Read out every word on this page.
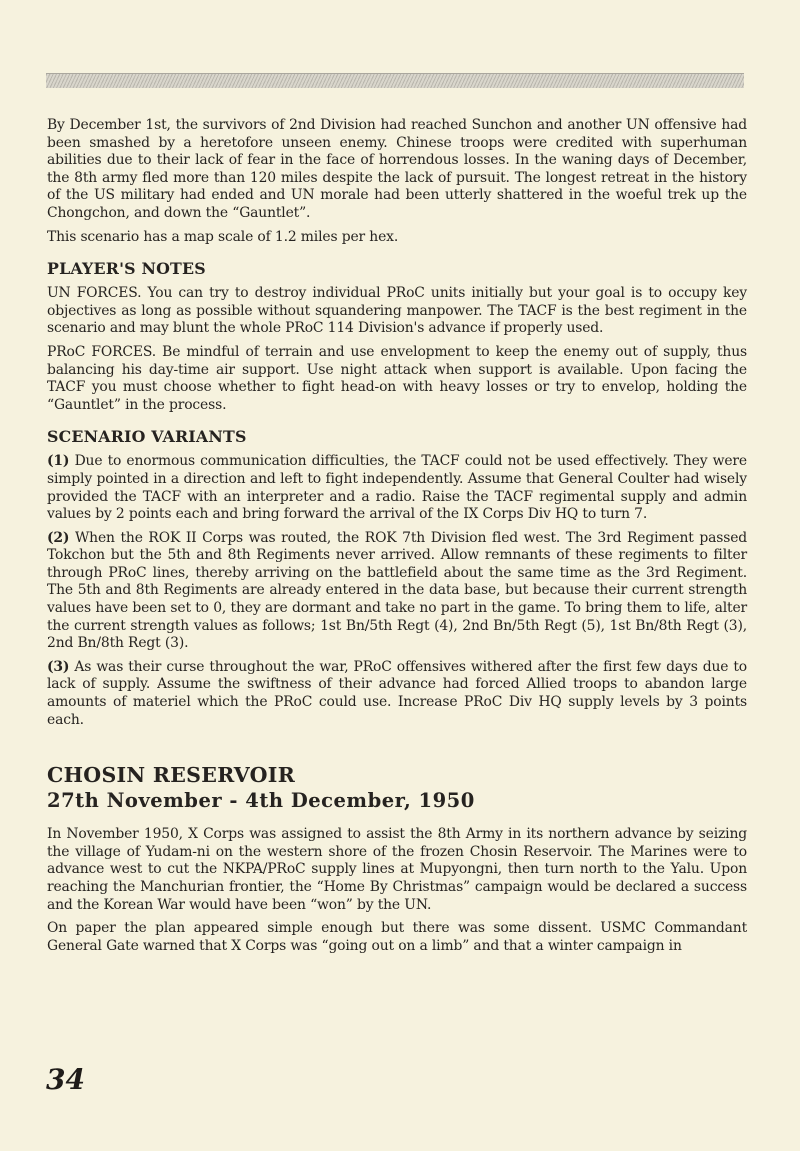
By December 1st, the survivors of 2nd Division had reached Sunchon and another UN offensive had been smashed by a heretofore unseen enemy. Chinese troops were credited with superhuman abilities due to their lack of fear in the face of horrendous losses. In the waning days of December, the 8th army fled more than 120 miles despite the lack of pursuit. The longest retreat in the history of the US military had ended and UN morale had been utterly shattered in the woeful trek up the Chongchon, and down the “Gauntlet”.

This scenario has a map scale of 1.2 miles per hex.

PLAYER'S NOTES

UN FORCES. You can try to destroy individual PRoC units initially but your goal is to occupy key objectives as long as possible without squandering manpower. The TACF is the best regiment in the scenario and may blunt the whole PRoC 114 Division's advance if properly used.

PRoC FORCES. Be mindful of terrain and use envelopment to keep the enemy out of supply, thus balancing his day-time air support. Use night attack when support is available. Upon facing the TACF you must choose whether to fight head-on with heavy losses or try to envelop, holding the “Gauntlet” in the process.

SCENARIO VARIANTS

(1) Due to enormous communication difficulties, the TACF could not be used effectively. They were simply pointed in a direction and left to fight independently. Assume that General Coulter had wisely provided the TACF with an interpreter and a radio. Raise the TACF regimental supply and admin values by 2 points each and bring forward the arrival of the IX Corps Div HQ to turn 7.

(2) When the ROK II Corps was routed, the ROK 7th Division fled west. The 3rd Regiment passed Tokchon but the 5th and 8th Regiments never arrived. Allow remnants of these regiments to filter through PRoC lines, thereby arriving on the battlefield about the same time as the 3rd Regiment. The 5th and 8th Regiments are already entered in the data base, but because their current strength values have been set to 0, they are dormant and take no part in the game. To bring them to life, alter the current strength values as follows; 1st Bn/5th Regt (4), 2nd Bn/5th Regt (5), 1st Bn/8th Regt (3), 2nd Bn/8th Regt (3).

(3) As was their curse throughout the war, PRoC offensives withered after the first few days due to lack of supply. Assume the swiftness of their advance had forced Allied troops to abandon large amounts of materiel which the PRoC could use. Increase PRoC Div HQ supply levels by 3 points each.

CHOSIN RESERVOIR
27th November - 4th December, 1950

In November 1950, X Corps was assigned to assist the 8th Army in its northern advance by seizing the village of Yudam-ni on the western shore of the frozen Chosin Reservoir. The Marines were to advance west to cut the NKPA/PRoC supply lines at Mupyongni, then turn north to the Yalu. Upon reaching the Manchurian frontier, the “Home By Christmas” campaign would be declared a success and the Korean War would have been “won” by the UN.

On paper the plan appeared simple enough but there was some dissent. USMC Commandant General Gate warned that X Corps was “going out on a limb” and that a winter campaign in

34
